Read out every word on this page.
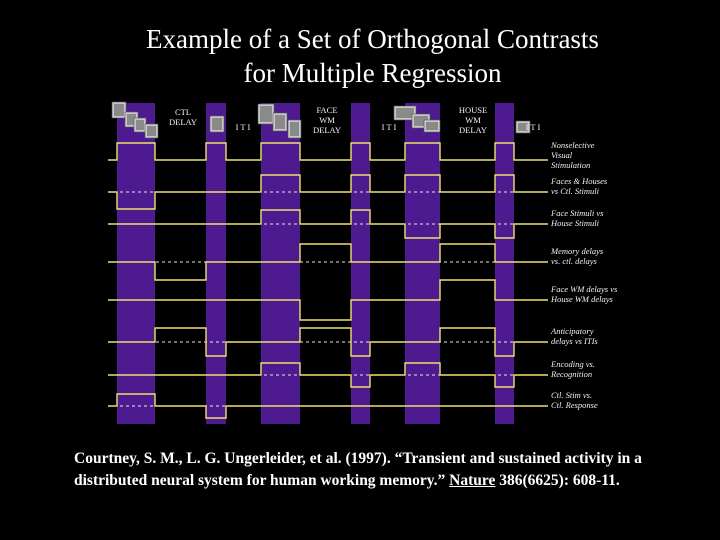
Example of a Set of Orthogonal Contrasts
for Multiple Regression
CTL DELAY	I T I
FACE WM DELAY	I T I
HOUSE WM DELAY	I T I
Nonselective Visual Stimulation
Faces & Houses vs Ctl. Stimuli
Face Stimuli vs House Stimuli
Memory delays vs. ctl. delays
Face WM delays vs House WM delays
Anticipatory delays vs ITIs
Encoding vs. Recognition
Ctl. Stim vs. Ctl. Response
Courtney, S. M., L. G. Ungerleider, et al. (1997). “Transient and sustained activity in a distributed neural system for human working memory.” Nature 386(6625): 608-11.
